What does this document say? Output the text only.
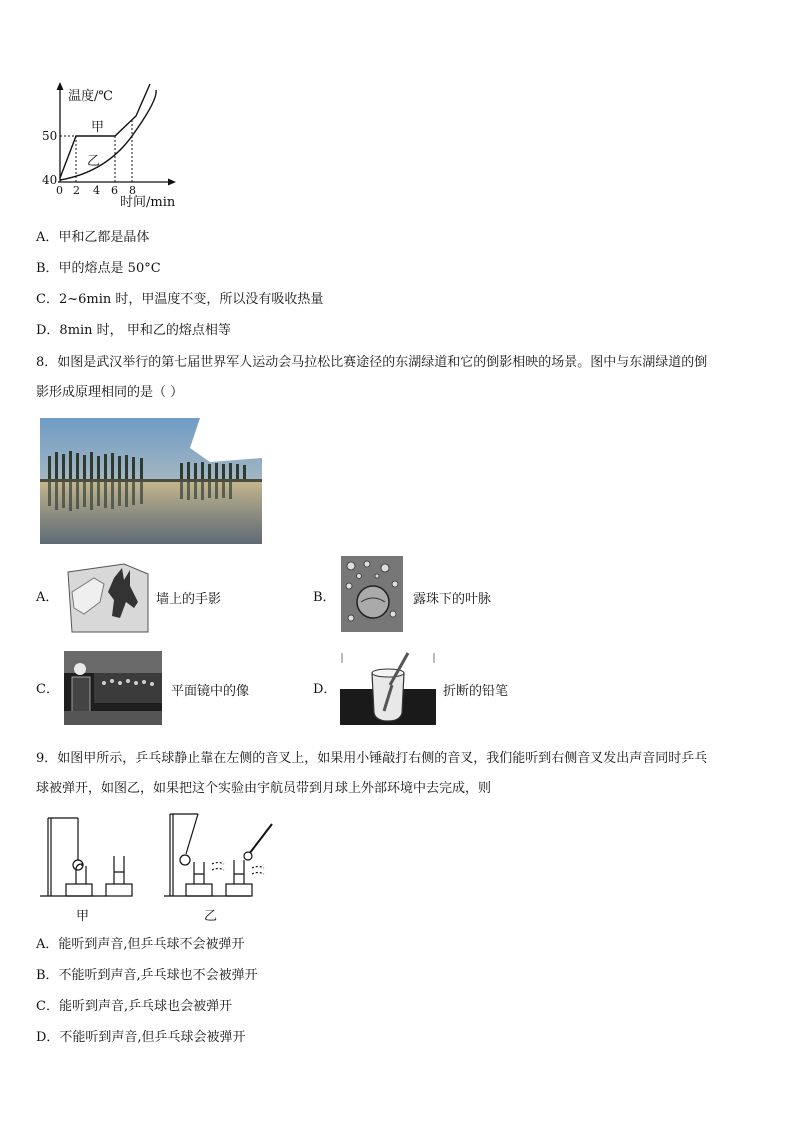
温度/℃
时间/min
50
40
0 2 4 6 8
甲
乙
A．甲和乙都是晶体
B．甲的熔点是 50°C
C．2~6min 时，甲温度不变，所以没有吸收热量
D．8min 时， 甲和乙的熔点相等
8．如图是武汉举行的第七届世界军人运动会马拉松比赛途径的东湖绿道和它的倒影相映的场景。图中与东湖绿道的倒
影形成原理相同的是（ ）
A．	墙上的手影	B．	露珠下的叶脉
C．	平面镜中的像	D．	折断的铅笔
9．如图甲所示，乒乓球静止靠在左侧的音叉上，如果用小锤敲打右侧的音叉，我们能听到右侧音叉发出声音同时乒乓
球被弹开，如图乙，如果把这个实验由宇航员带到月球上外部环境中去完成，则
甲	乙
A．能听到声音,但乒乓球不会被弹开
B．不能听到声音,乒乓球也不会被弹开
C．能听到声音,乒乓球也会被弹开
D．不能听到声音,但乒乓球会被弹开
